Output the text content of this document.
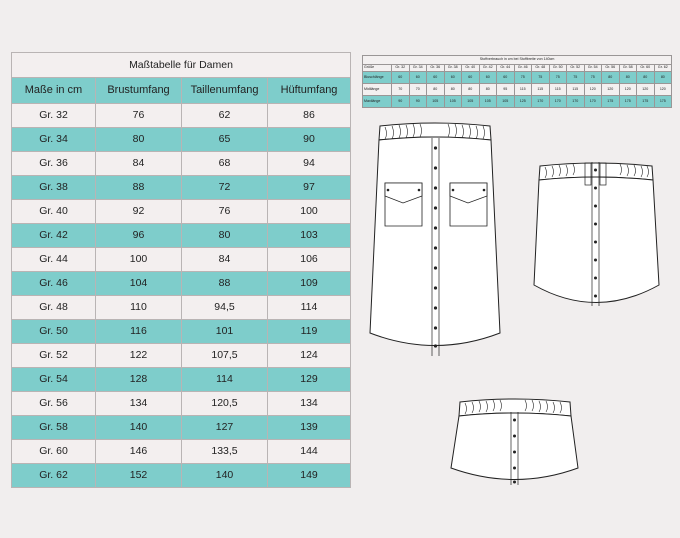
Maßtabelle für Damen			
Maße in cm	Brustumfang	Taillenumfang	Hüftumfang
Gr. 32	76	62	86
Gr. 34	80	65	90
Gr. 36	84	68	94
Gr. 38	88	72	97
Gr. 40	92	76	100
Gr. 42	96	80	103
Gr. 44	100	84	106
Gr. 46	104	88	109
Gr. 48	110	94,5	114
Gr. 50	116	101	119
Gr. 52	122	107,5	124
Gr. 54	128	114	129
Gr. 56	134	120,5	134
Gr. 58	140	127	139
Gr. 60	146	133,5	144
Gr. 62	152	140	149
Stoffverbrauch in cm bei Stoffbreite von 140cm																
Größe	Gr. 32	Gr. 34	Gr. 36	Gr. 38	Gr. 40	Gr. 42	Gr. 44	Gr. 46	Gr. 48	Gr. 50	Gr. 52	Gr. 54	Gr. 56	Gr. 58	Gr. 60	Gr. 62
Bluschlänge	60	60	60	60	60	60	60	75	75	75	75	75	80	80	80	80
Midilänge	70	70	80	80	80	80	95	115	115	115	115	120	120	120	120	120
Maxilänge	90	90	105	105	105	105	105	125	170	170	170	170	175	175	175	175
